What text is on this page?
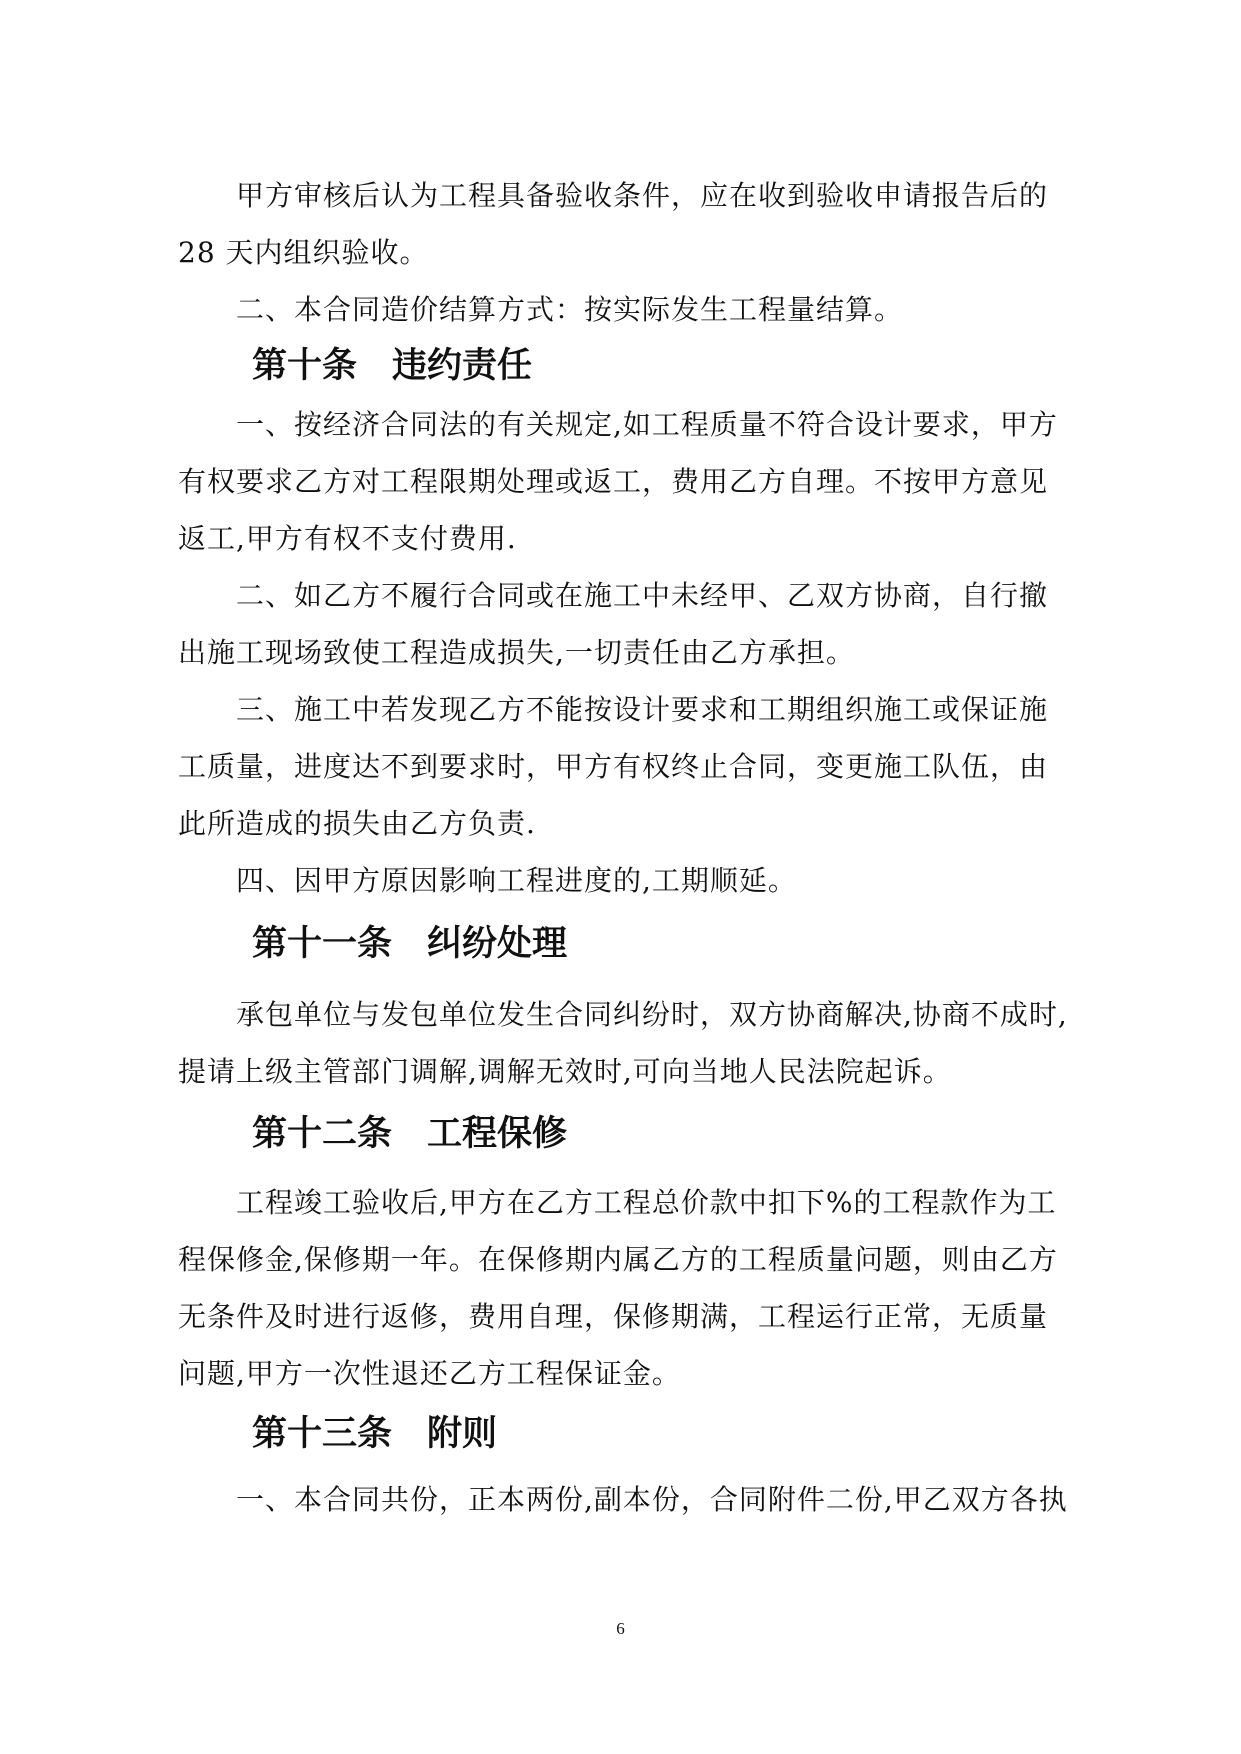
甲方审核后认为工程具备验收条件，应在收到验收申请报告后的
28 天内组织验收。
二、本合同造价结算方式：按实际发生工程量结算。
第十条　违约责任
一、按经济合同法的有关规定,如工程质量不符合设计要求，甲方
有权要求乙方对工程限期处理或返工，费用乙方自理。不按甲方意见
返工,甲方有权不支付费用.
二、如乙方不履行合同或在施工中未经甲、乙双方协商，自行撤
出施工现场致使工程造成损失,一切责任由乙方承担。
三、施工中若发现乙方不能按设计要求和工期组织施工或保证施
工质量，进度达不到要求时，甲方有权终止合同，变更施工队伍，由
此所造成的损失由乙方负责.
四、因甲方原因影响工程进度的,工期顺延。
第十一条　纠纷处理
承包单位与发包单位发生合同纠纷时，双方协商解决,协商不成时,
提请上级主管部门调解,调解无效时,可向当地人民法院起诉。
第十二条　工程保修
工程竣工验收后,甲方在乙方工程总价款中扣下%的工程款作为工
程保修金,保修期一年。在保修期内属乙方的工程质量问题，则由乙方
无条件及时进行返修，费用自理，保修期满，工程运行正常，无质量
问题,甲方一次性退还乙方工程保证金。
第十三条　附则
一、本合同共份，正本两份,副本份，合同附件二份,甲乙双方各执
6
